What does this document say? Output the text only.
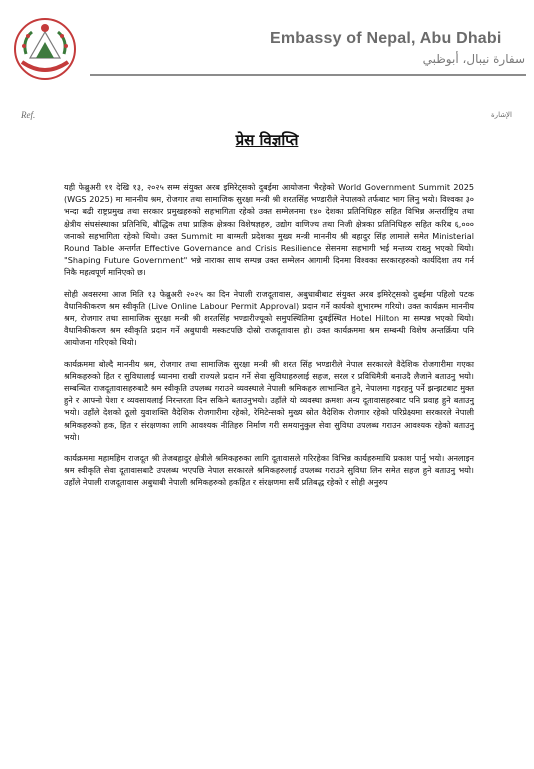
Embassy of Nepal, Abu Dhabi
سفارة نيبال، أبوظبي
Ref.	الإشارة
प्रेस विज्ञप्ति

यही फेब्रुअरी ११ देखि १३, २०२५ सम्म संयुक्त अरब इमिरेट्सको दुबईमा आयोजना भैरहेको World Government Summit 2025 (WGS 2025) मा माननीय श्रम, रोजगार तथा सामाजिक सुरक्षा मन्त्री श्री शरतसिंह भण्डारीले नेपालको तर्फबाट भाग लिनु भयो। विश्वका ३० भन्दा बढी राष्ट्रप्रमुख तथा सरकार प्रमुखहरुको सहभागिता रहेको उक्त सम्मेलनमा १४० देशका प्रतिनिधिहरु सहित विभिन्न अन्तर्राष्ट्रिय तथा क्षेत्रीय संघसंस्थाका प्रतिनिधि, बौद्धिक तथा प्राज्ञिक क्षेत्रका विशेषज्ञहरु, उद्योग वाणिज्य तथा निजी क्षेत्रका प्रतिनिधिहरु सहित करिब ६,००० जनाको सहभागिता रहेको थियो। उक्त Summit मा बाग्मती प्रदेशका मुख्य मन्त्री माननीय श्री बहादुर सिंह लामाले समेत Ministerial Round Table अन्तर्गत Effective Governance and Crisis Resilience सेसनमा सहभागी भई मन्तव्य राख्नु भएको थियो। "Shaping Future Government" भन्ने नाराका साथ सम्पन्न उक्त सम्मेलन आगामी दिनमा विश्वका सरकारहरुको कार्यदिशा तय गर्न निकै महत्वपूर्ण मानिएको छ।

सोही अवसरमा आज मिति १३ फेब्रुअरी २०२५ का दिन नेपाली राजदूतावास, अबुधाबीबाट संयुक्त अरब इमिरेट्सको दुबईमा पहिलो पटक वैधानिकीकरण श्रम स्वीकृति (Live Online Labour Permit Approval) प्रदान गर्ने कार्यको शुभारम्भ गरियो। उक्त कार्यक्रम माननीय श्रम, रोजगार तथा सामाजिक सुरक्षा मन्त्री श्री शरतसिंह भण्डारीज्यूको समुपस्थितिमा दुबईस्थित Hotel Hilton मा सम्पन्न भएको थियो। वैधानिकीकरण श्रम स्वीकृति प्रदान गर्ने अबुधावी मस्कटपछि दोस्रो राजदूतावास हो। उक्त कार्यक्रममा श्रम सम्बन्धी विशेष अन्तर्क्रिया पनि आयोजना गरिएको थियो।

कार्यक्रममा बोल्दै माननीय श्रम, रोजगार तथा सामाजिक सुरक्षा मन्त्री श्री शरत सिंह भण्डारीले नेपाल सरकारले वैदेशिक रोजगारीमा गएका श्रमिकहरुको हित र सुविधालाई ध्यानमा राखी राज्यले प्रदान गर्ने सेवा सुविधाहरुलाई सहज, सरल र प्रविधिमैत्री बनाउदै लैजाने बताउनु भयो। सम्बन्धित राजदूतावासहरुबाटै श्रम स्वीकृति उपलब्ध गराउने व्यवस्थाले नेपाली श्रमिकहरु लाभान्वित हुने, नेपालमा गइरहनु पर्ने झन्झटबाट मुक्त हुने र आफ्नो पेशा र व्यवसायलाई निरन्तरता दिन सकिने बताउनुभयो। उहाँले यो व्यवस्था क्रमशः अन्य दूतावासहरुबाट पनि प्रवाह हुने बताउनु भयो। उहाँले देशको ठूलो युवाशक्ति वैदेशिक रोजगारीमा रहेको, रेमिटेन्सको मुख्य स्रोत वैदेशिक रोजगार रहेको परिप्रेक्ष्यमा सरकारले नेपाली श्रमिकहरुको हक, हित र संरक्षणका लागि आवश्यक नीतिहरु निर्माण गरी समयानुकुल सेवा सुविधा उपलब्ध गराउन आवश्यक रहेको बताउनु भयो।

कार्यक्रममा महामहिम राजदूत श्री तेजबहादुर क्षेत्रीले श्रमिकहरुका लागि दूतावासले गरिरहेका विभिन्न कार्यहरुमाथि प्रकाश पार्नु भयो। अनलाइन श्रम स्वीकृति सेवा दूतावासबाटै उपलब्ध भएपछि नेपाल सरकारले श्रमिकहरुलाई उपलब्ध गराउने सुविधा लिन समेत सहज हुने बताउनु भयो। उहाँले नेपाली राजदूतावास अबुधाबी नेपाली श्रमिकहरुको हकहित र संरक्षणमा सधैं प्रतिबद्ध रहेको र सोही अनुरुप
